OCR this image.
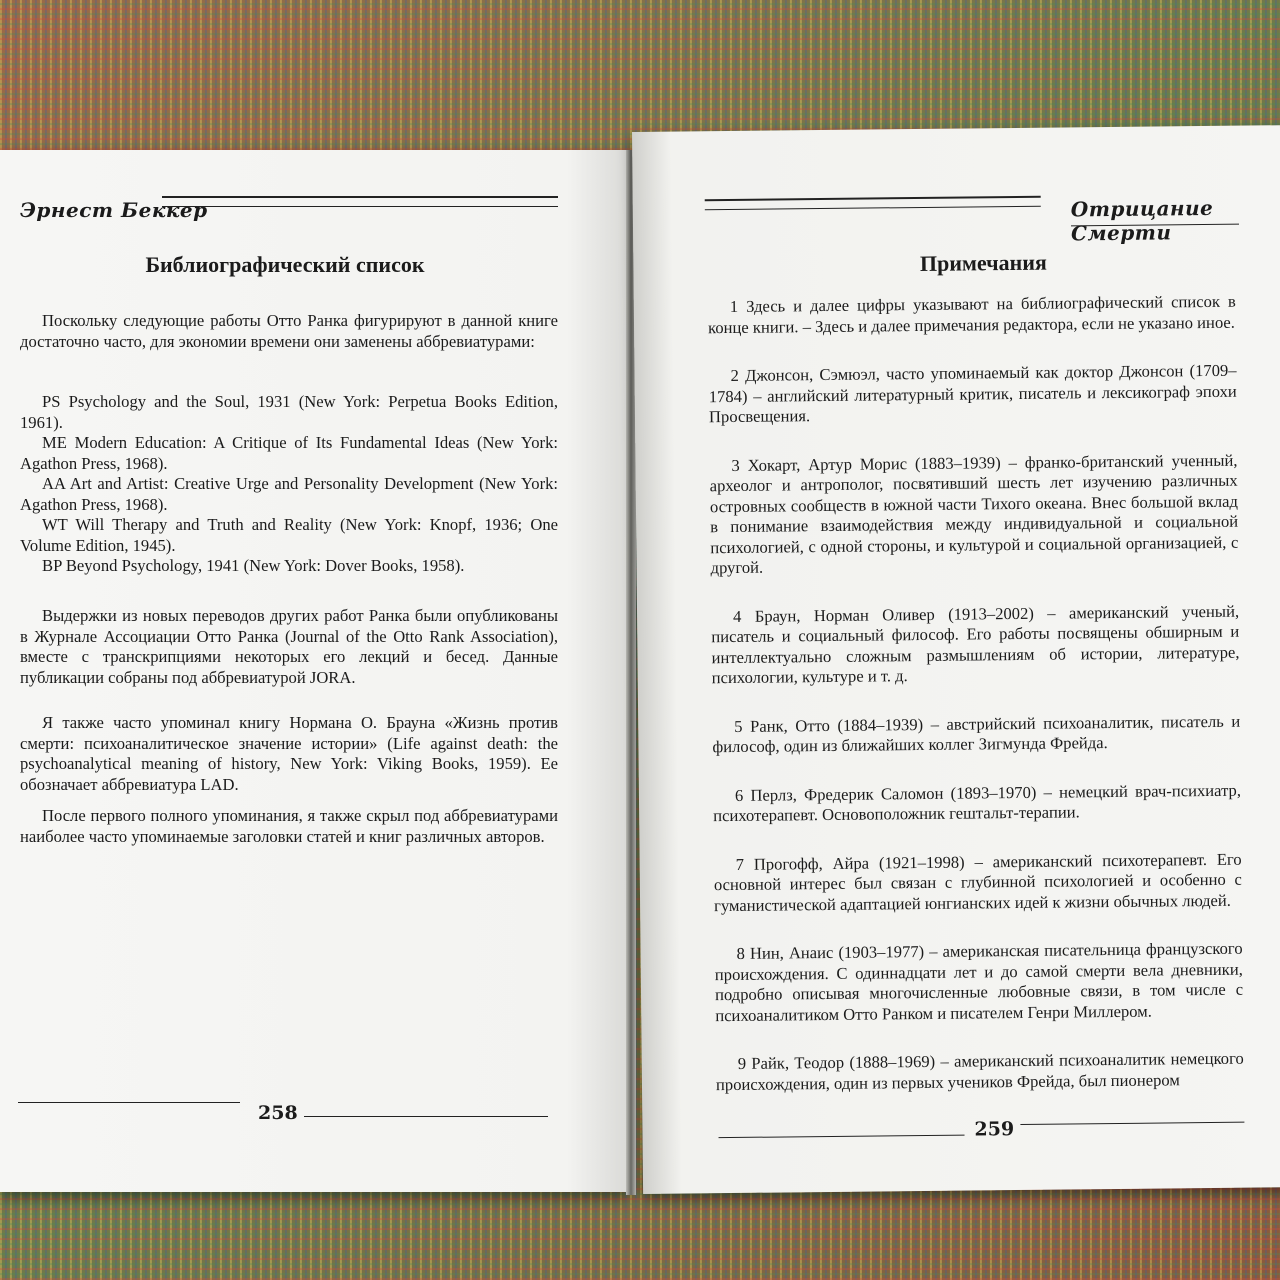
Эрнест Беккер
Библиографический список

Поскольку следующие работы Отто Ранка фигурируют в данной книге достаточно часто, для экономии времени они заменены аббревиатурами:

PS Psychology and the Soul, 1931 (New York: Perpetua Books Edition, 1961).

ME Modern Education: A Critique of Its Fundamental Ideas (New York: Agathon Press, 1968).

AA Art and Artist: Creative Urge and Personality Development (New York: Agathon Press, 1968).

WT Will Therapy and Truth and Reality (New York: Knopf, 1936; One Volume Edition, 1945).

BP Beyond Psychology, 1941 (New York: Dover Books, 1958).

Выдержки из новых переводов других работ Ранка были опубликованы в Журнале Ассоциации Отто Ранка (Journal of the Otto Rank Association), вместе с транскрипциями некоторых его лекций и бесед. Данные публикации собраны под аббревиатурой JORA.

Я также часто упоминал книгу Нормана О. Брауна «Жизнь против смерти: психоаналитическое значение истории» (Life against death: the psychoanalytical meaning of history, New York: Viking Books, 1959). Ее обозначает аббревиатура LAD.

После первого полного упоминания, я также скрыл под аббревиатурами наиболее часто упоминаемые заголовки статей и книг различных авторов.

258
Отрицание Смерти
Примечания

1 Здесь и далее цифры указывают на библиографический список в конце книги. – Здесь и далее примечания редактора, если не указано иное.

2 Джонсон, Сэмюэл, часто упоминаемый как доктор Джонсон (1709–1784) – английский литературный критик, писатель и лексикограф эпохи Просвещения.

3 Хокарт, Артур Морис (1883–1939) – франко-британский ученный, археолог и антрополог, посвятивший шесть лет изучению различных островных сообществ в южной части Тихого океана. Внес большой вклад в понимание взаимодействия между индивидуальной и социальной психологией, с одной стороны, и культурой и социальной организацией, с другой.

4 Браун, Норман Оливер (1913–2002) – американский ученый, писатель и социальный философ. Его работы посвящены обширным и интеллектуально сложным размышлениям об истории, литературе, психологии, культуре и т. д.

5 Ранк, Отто (1884–1939) – австрийский психоаналитик, писатель и философ, один из ближайших коллег Зигмунда Фрейда.

6 Перлз, Фредерик Саломон (1893–1970) – немецкий врач-психиатр, психотерапевт. Основоположник гештальт-терапии.

7 Прогофф, Айра (1921–1998) – американский психотерапевт. Его основной интерес был связан с глубинной психологией и особенно с гуманистической адаптацией юнгианских идей к жизни обычных людей.

8 Нин, Анаис (1903–1977) – американская писательница французского происхождения. С одиннадцати лет и до самой смерти вела дневники, подробно описывая многочисленные любовные связи, в том числе с психоаналитиком Отто Ранком и писателем Генри Миллером.

9 Райк, Теодор (1888–1969) – американский психоаналитик немецкого происхождения, один из первых учеников Фрейда, был пионером

259
